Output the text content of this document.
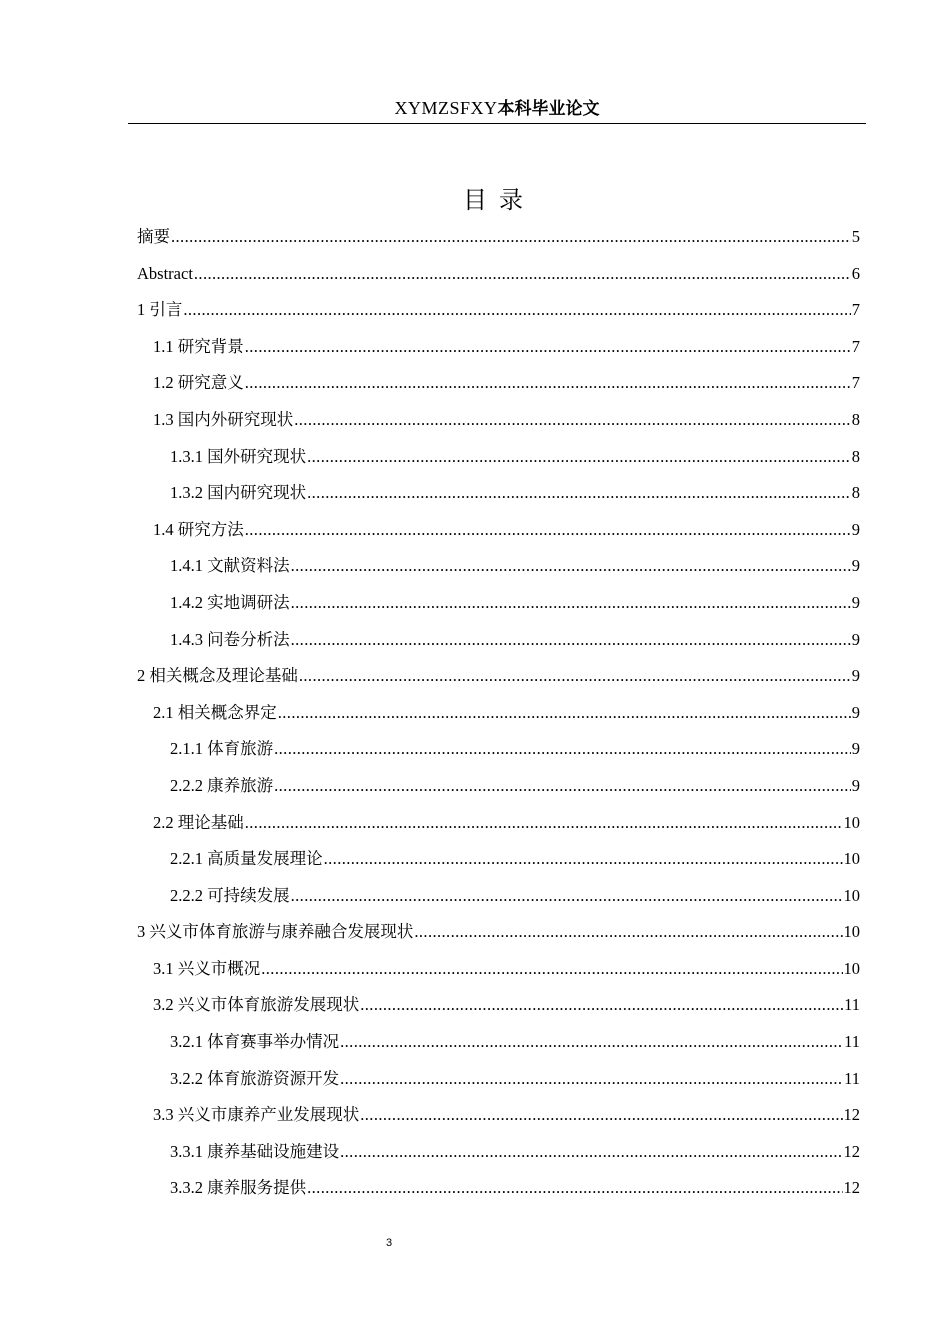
XYMZSFXY本科毕业论文
目录
摘要 .....	5
Abstract .....	6
1 引言 .....	7
1.1 研究背景 .....	7
1.2 研究意义 .....	7
1.3 国内外研究现状 .....	8
1.3.1 国外研究现状 .....	8
1.3.2 国内研究现状 .....	8
1.4 研究方法 .....	9
1.4.1 文献资料法 .....	9
1.4.2 实地调研法 .....	9
1.4.3 问卷分析法 .....	9
2 相关概念及理论基础 .....	9
2.1 相关概念界定 .....	9
2.1.1 体育旅游 .....	9
2.2.2 康养旅游 .....	9
2.2 理论基础 .....	10
2.2.1 高质量发展理论 .....	10
2.2.2 可持续发展 .....	10
3 兴义市体育旅游与康养融合发展现状 .....	10
3.1 兴义市概况 .....	10
3.2 兴义市体育旅游发展现状 .....	11
3.2.1 体育赛事举办情况 .....	11
3.2.2 体育旅游资源开发 .....	11
3.3 兴义市康养产业发展现状 .....	12
3.3.1 康养基础设施建设 .....	12
3.3.2 康养服务提供 .....	12
3
